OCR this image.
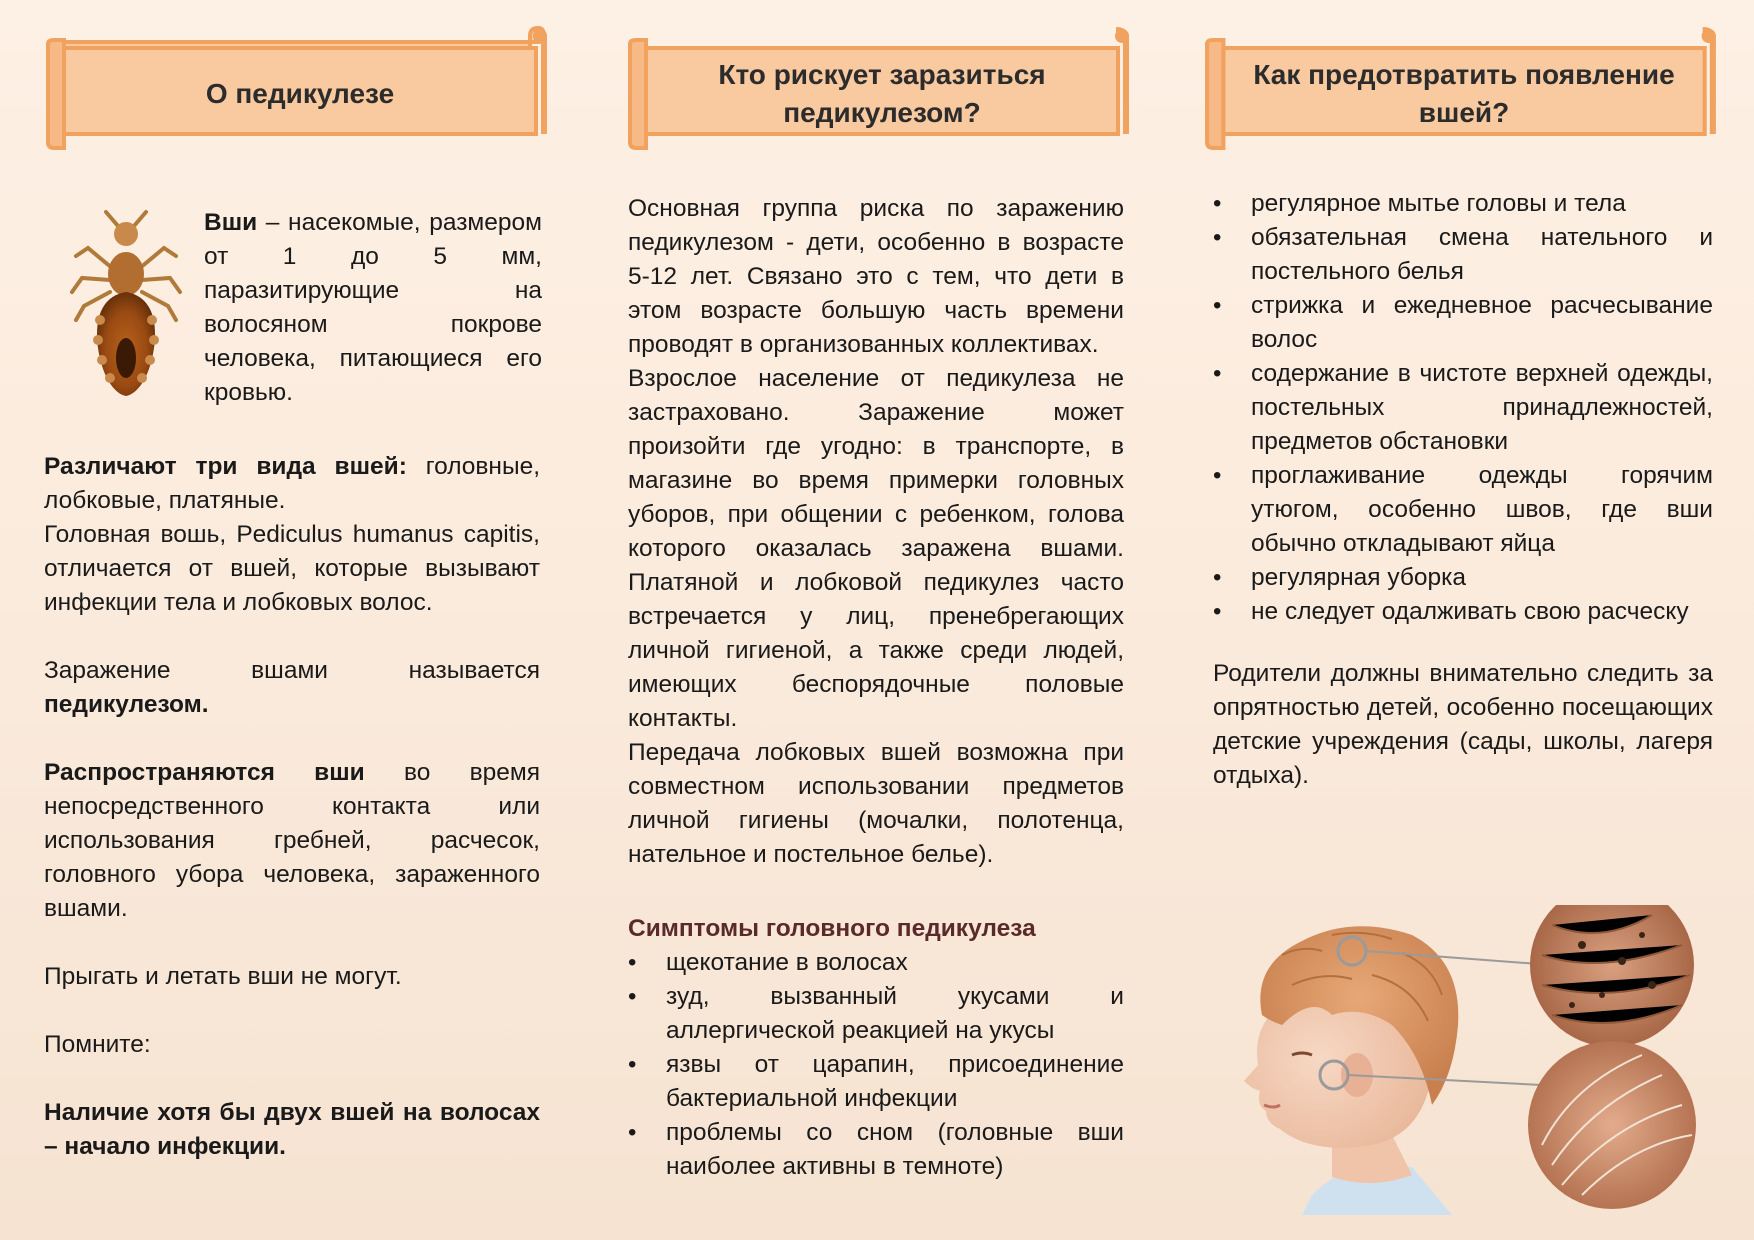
О педикулезе
Вши – насекомые, размером от 1 до 5 мм, паразитирующие на волосяном покрове человека, питающиеся его кровью.

Различают три вида вшей: головные, лобковые, платяные.

Головная вошь, Pediculus humanus capitis, отличается от вшей, которые вызывают инфекции тела и лобковых волос.

Заражение вшами называется педикулезом.

Распространяются вши во время непосредственного контакта или использования гребней, расчесок, головного убора человека, зараженного вшами.

Прыгать и летать вши не могут.

Помните:

Наличие хотя бы двух вшей на волосах – начало инфекции.

Кто рискует заразиться педикулезом?

Основная группа риска по заражению педикулезом - дети, особенно в возрасте 5-12 лет. Связано это с тем, что дети в этом возрасте большую часть времени проводят в организованных коллективах.

Взрослое население от педикулеза не застраховано. Заражение может произойти где угодно: в транспорте, в магазине во время примерки головных уборов, при общении с ребенком, голова которого оказалась заражена вшами. Платяной и лобковой педикулез часто встречается у лиц, пренебрегающих личной гигиеной, а также среди людей, имеющих беспорядочные половые контакты.

Передача лобковых вшей возможна при совместном использовании предметов личной гигиены (мочалки, полотенца, нательное и постельное белье).

Симптомы головного педикулеза

• щекотание в волосах
• зуд, вызванный укусами и аллергической реакцией на укусы
• язвы от царапин, присоединение бактериальной инфекции
• проблемы со сном (головные вши наиболее активны в темноте)
Как предотвратить появление вшей?
• регулярное мытье головы и тела
• обязательная смена нательного и постельного белья
• стрижка и ежедневное расчесывание волос
• содержание в чистоте верхней одежды, постельных принадлежностей, предметов обстановки
• проглаживание одежды горячим утюгом, особенно швов, где вши обычно откладывают яйца
• регулярная уборка
• не следует одалживать свою расческу

Родители должны внимательно следить за опрятностью детей, особенно посещающих детские учреждения (сады, школы, лагеря отдыха).
